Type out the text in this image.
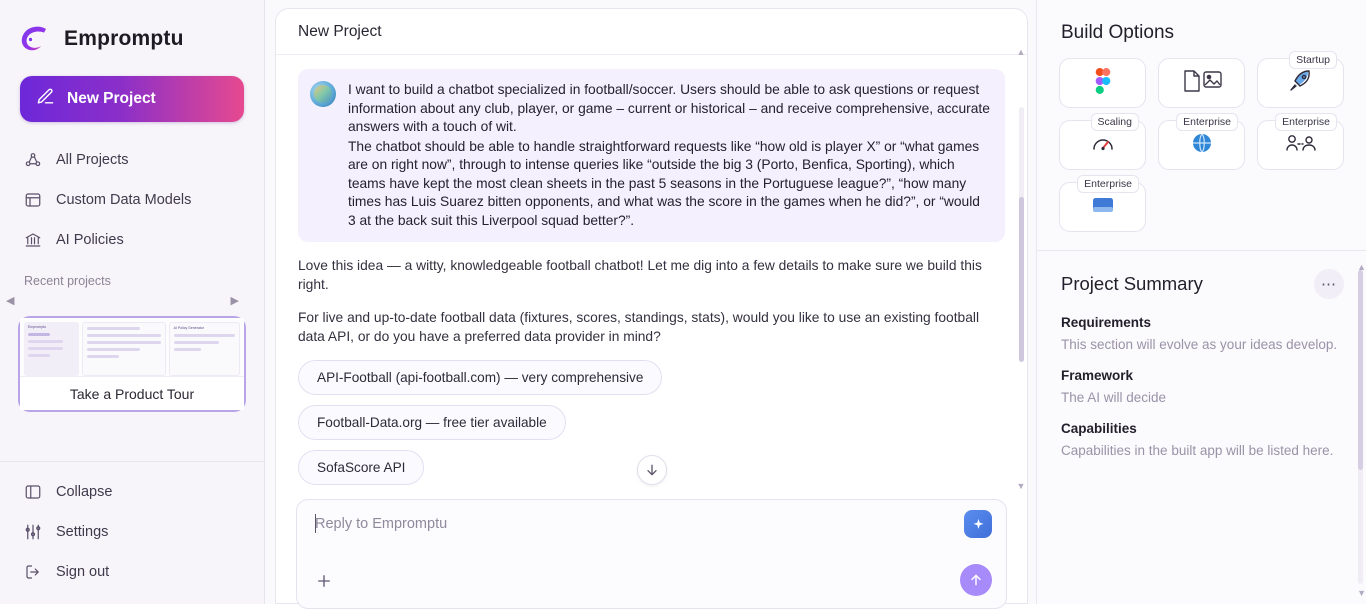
Empromptu
New Project
All Projects
Custom Data Models
AI Policies
Recent projects
◀	▶
Empromptu	AI Policy Generator
Take a Product Tour
Collapse
Settings
Sign out
New Project

I want to build a chatbot specialized in football/soccer. Users should be able to ask questions or request information about any club, player, or game – current or historical – and receive comprehensive, accurate answers with a touch of wit.

The chatbot should be able to handle straightforward requests like “how old is player X” or “what games are on right now”, through to intense queries like “outside the big 3 (Porto, Benfica, Sporting), which teams have kept the most clean sheets in the past 5 seasons in the Portuguese league?”, “how many times has Luis Suarez bitten opponents, and what was the score in the games when he did?”, or “would 3 at the back suit this Liverpool squad better?”.

Love this idea — a witty, knowledgeable football chatbot! Let me dig into a few details to make sure we build this right.
For live and up-to-date football data (fixtures, scores, standings, stats), would you like to use an existing football data API, or do you have a preferred data provider in mind?
API-Football (api-football.com) — very comprehensive
Football-Data.org — free tier available
SofaScore API
▲
▼
Reply to Empromptu
Build Options
Startup
Scaling	Enterprise	Enterprise
Enterprise
Project Summary	⋯
Requirements
This section will evolve as your ideas develop.
Framework
The AI will decide
Capabilities
Capabilities in the built app will be listed here.
▲
▼
